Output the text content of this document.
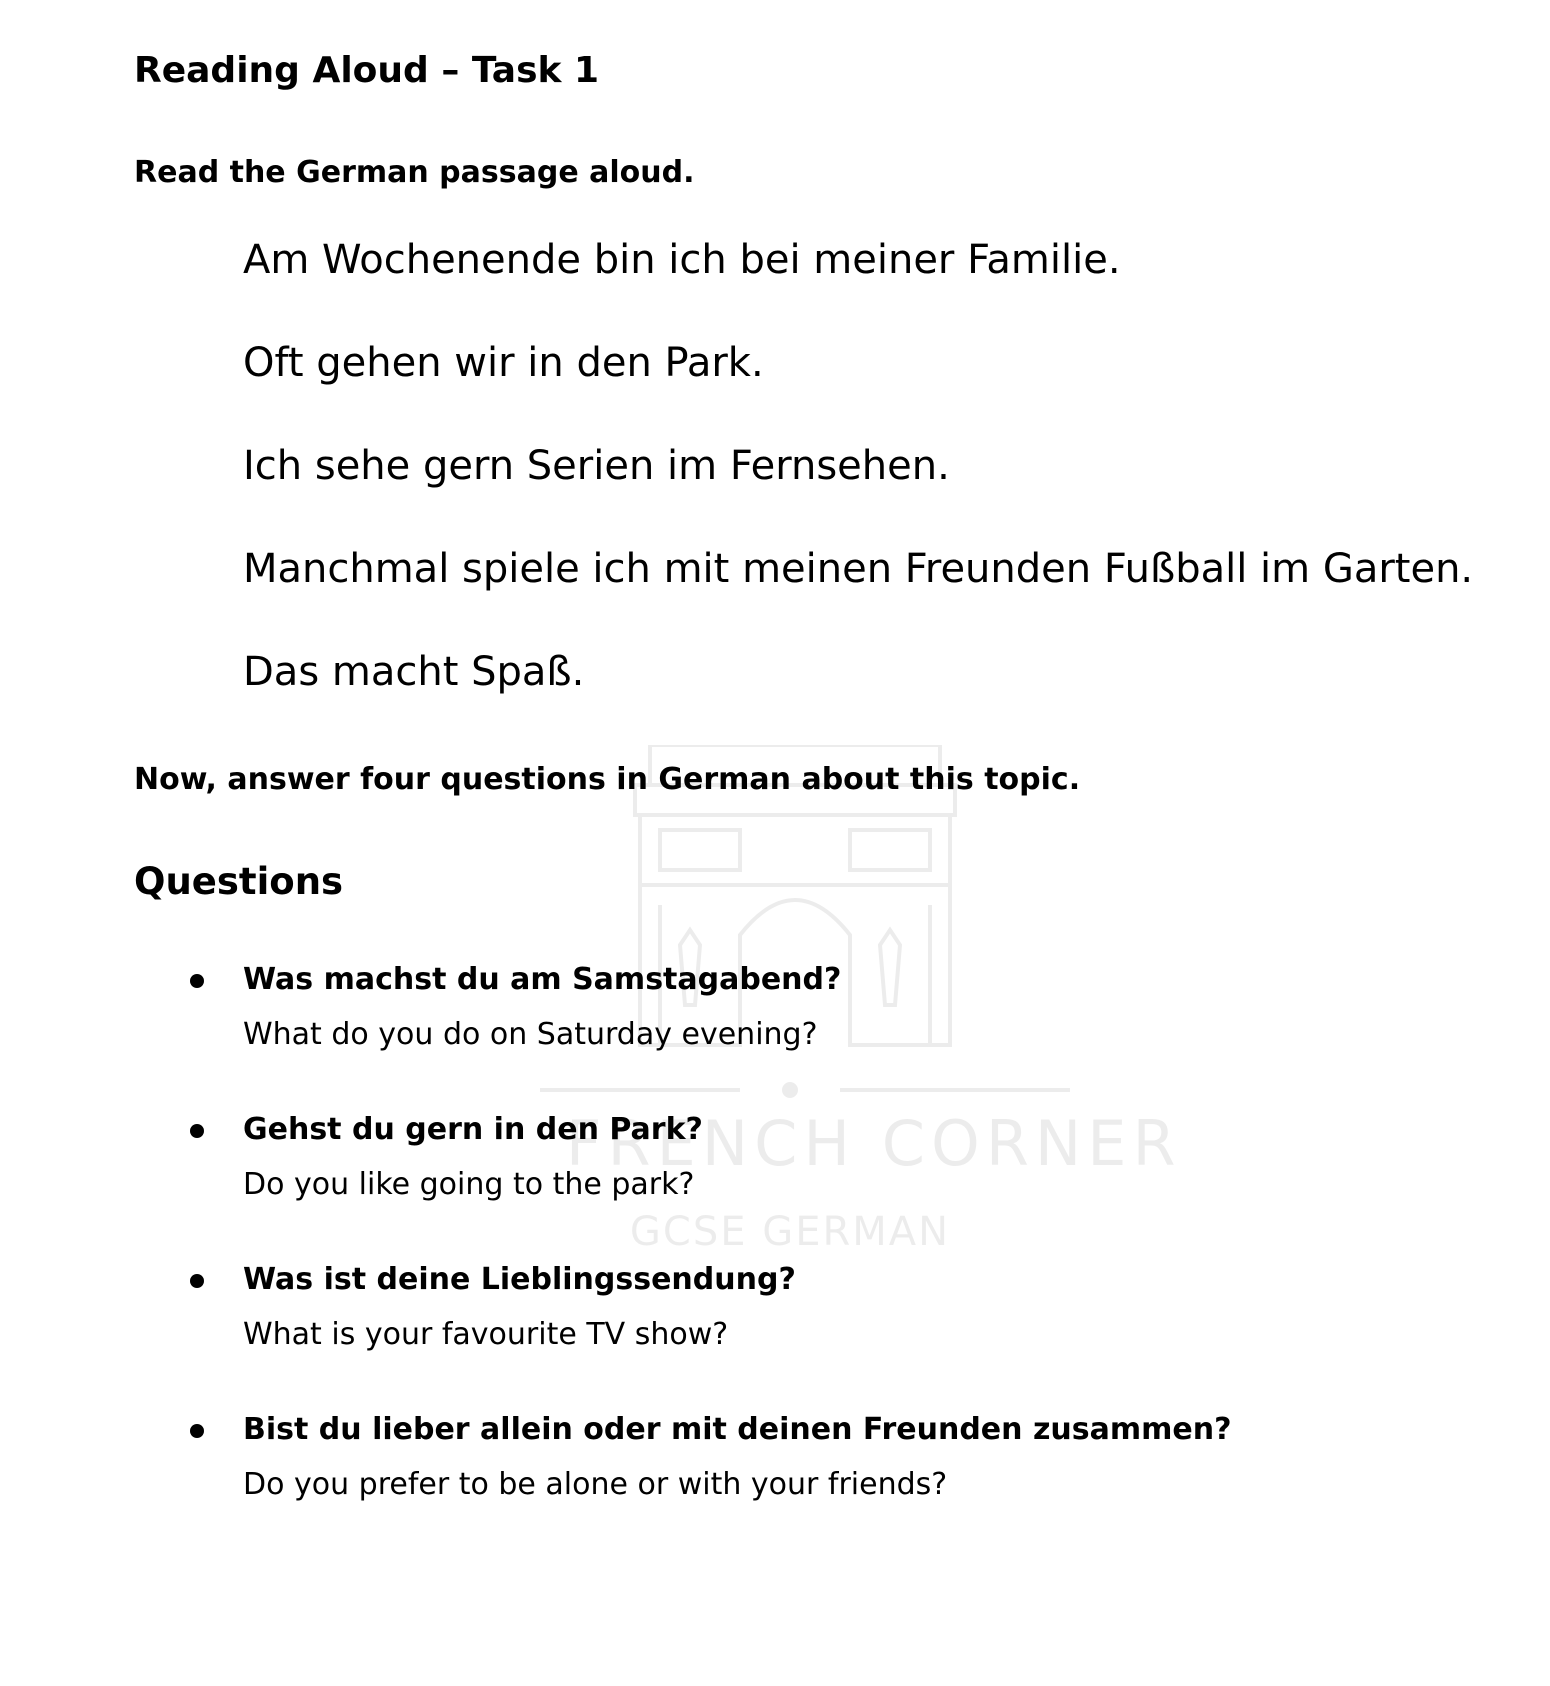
FRENCH CORNER
GCSE GERMAN
Reading Aloud – Task 1

Read the German passage aloud.

Am Wochenende bin ich bei meiner Familie.
Oft gehen wir in den Park.
Ich sehe gern Serien im Fernsehen.
Manchmal spiele ich mit meinen Freunden Fußball im Garten.
Das macht Spaß.

Now, answer four questions in German about this topic.

Questions
Was machst du am Samstagabend?
What do you do on Saturday evening?
Gehst du gern in den Park?
Do you like going to the park?
Was ist deine Lieblingssendung?
What is your favourite TV show?
Bist du lieber allein oder mit deinen Freunden zusammen?
Do you prefer to be alone or with your friends?
